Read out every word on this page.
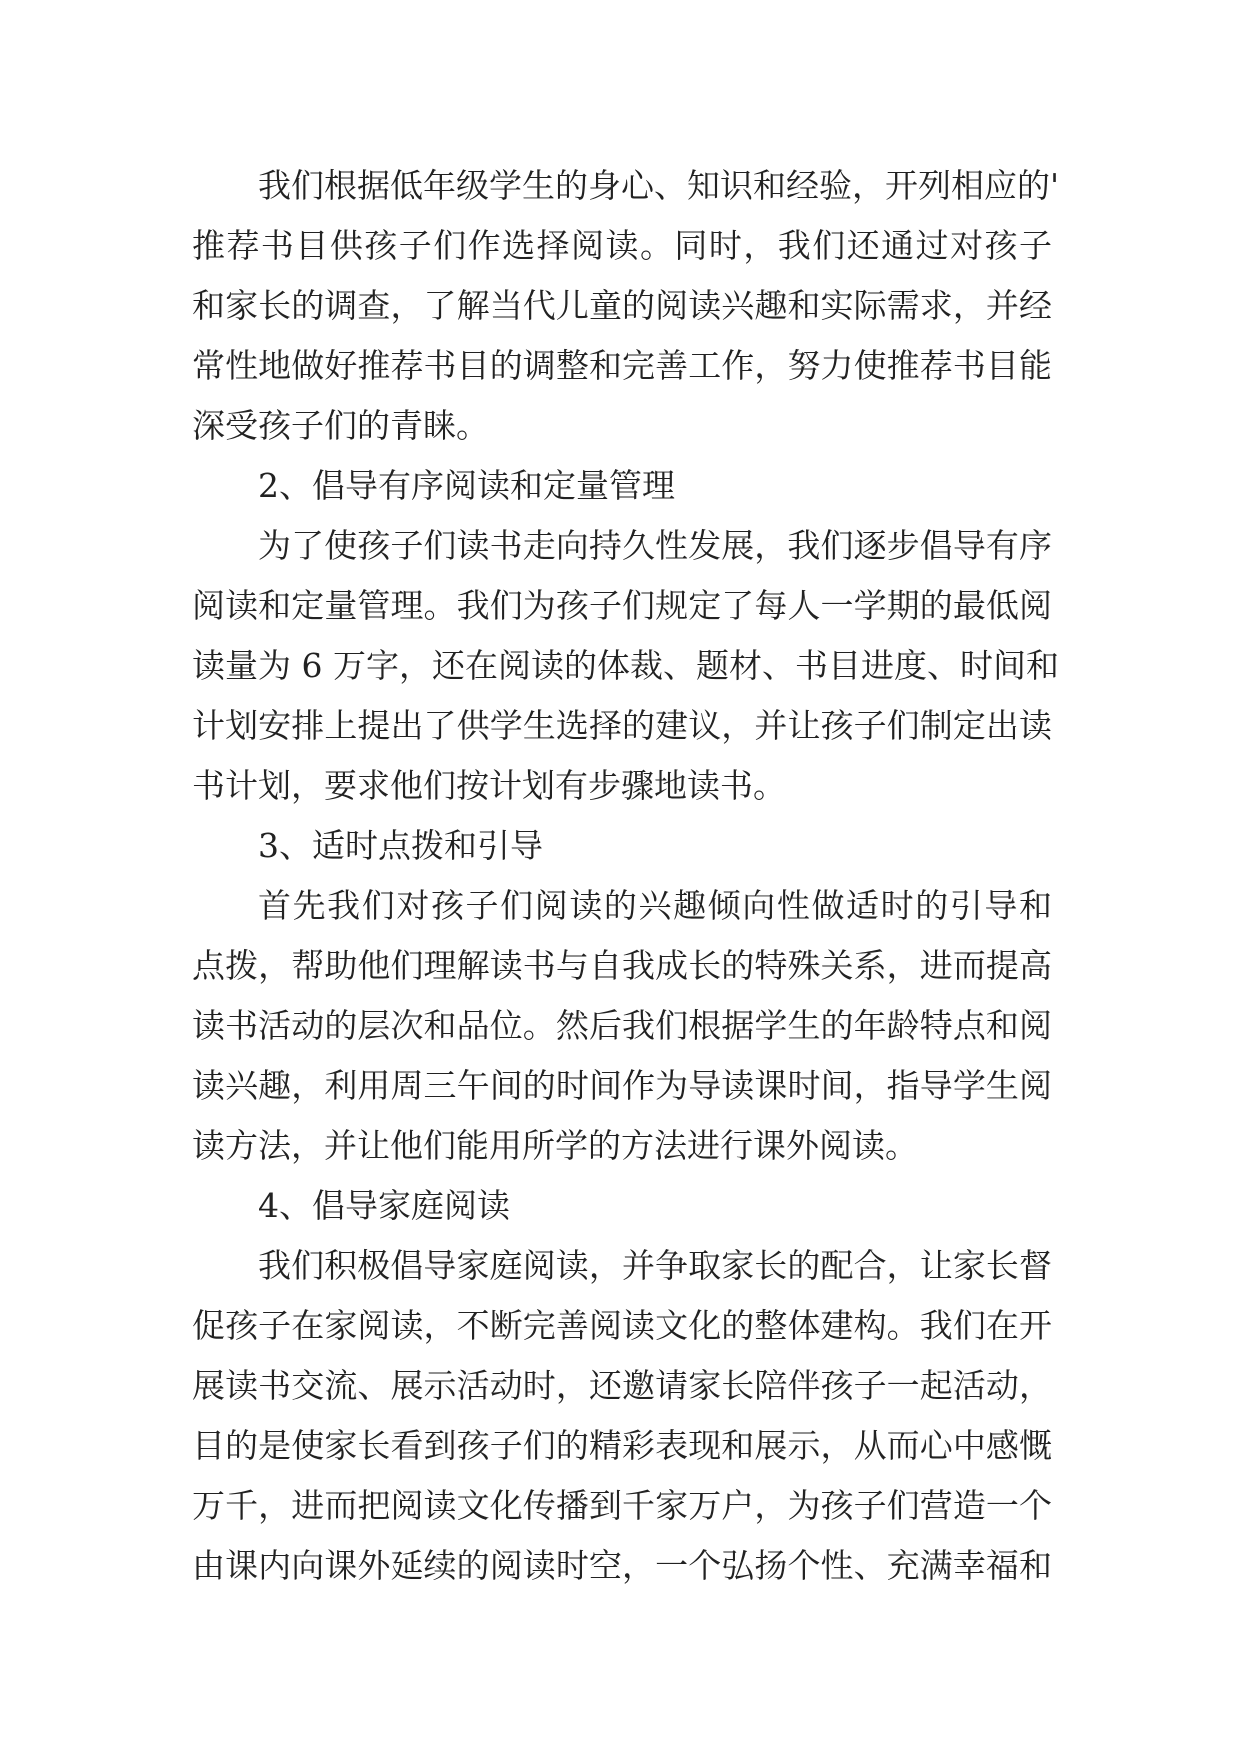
我们根据低年级学生的身心、知识和经验，开列相应的'

推荐书目供孩子们作选择阅读。同时，我们还通过对孩子

和家长的调查，了解当代儿童的阅读兴趣和实际需求，并经

常性地做好推荐书目的调整和完善工作，努力使推荐书目能

深受孩子们的青睐。

2、倡导有序阅读和定量管理

为了使孩子们读书走向持久性发展，我们逐步倡导有序

阅读和定量管理。我们为孩子们规定了每人一学期的最低阅

读量为 6 万字，还在阅读的体裁、题材、书目进度、时间和

计划安排上提出了供学生选择的建议，并让孩子们制定出读

书计划，要求他们按计划有步骤地读书。

3、适时点拨和引导

首先我们对孩子们阅读的兴趣倾向性做适时的引导和

点拨，帮助他们理解读书与自我成长的特殊关系，进而提高

读书活动的层次和品位。然后我们根据学生的年龄特点和阅

读兴趣，利用周三午间的时间作为导读课时间，指导学生阅

读方法，并让他们能用所学的方法进行课外阅读。

4、倡导家庭阅读

我们积极倡导家庭阅读，并争取家长的配合，让家长督

促孩子在家阅读，不断完善阅读文化的整体建构。我们在开

展读书交流、展示活动时，还邀请家长陪伴孩子一起活动，

目的是使家长看到孩子们的精彩表现和展示，从而心中感慨

万千，进而把阅读文化传播到千家万户，为孩子们营造一个

由课内向课外延续的阅读时空，一个弘扬个性、充满幸福和
